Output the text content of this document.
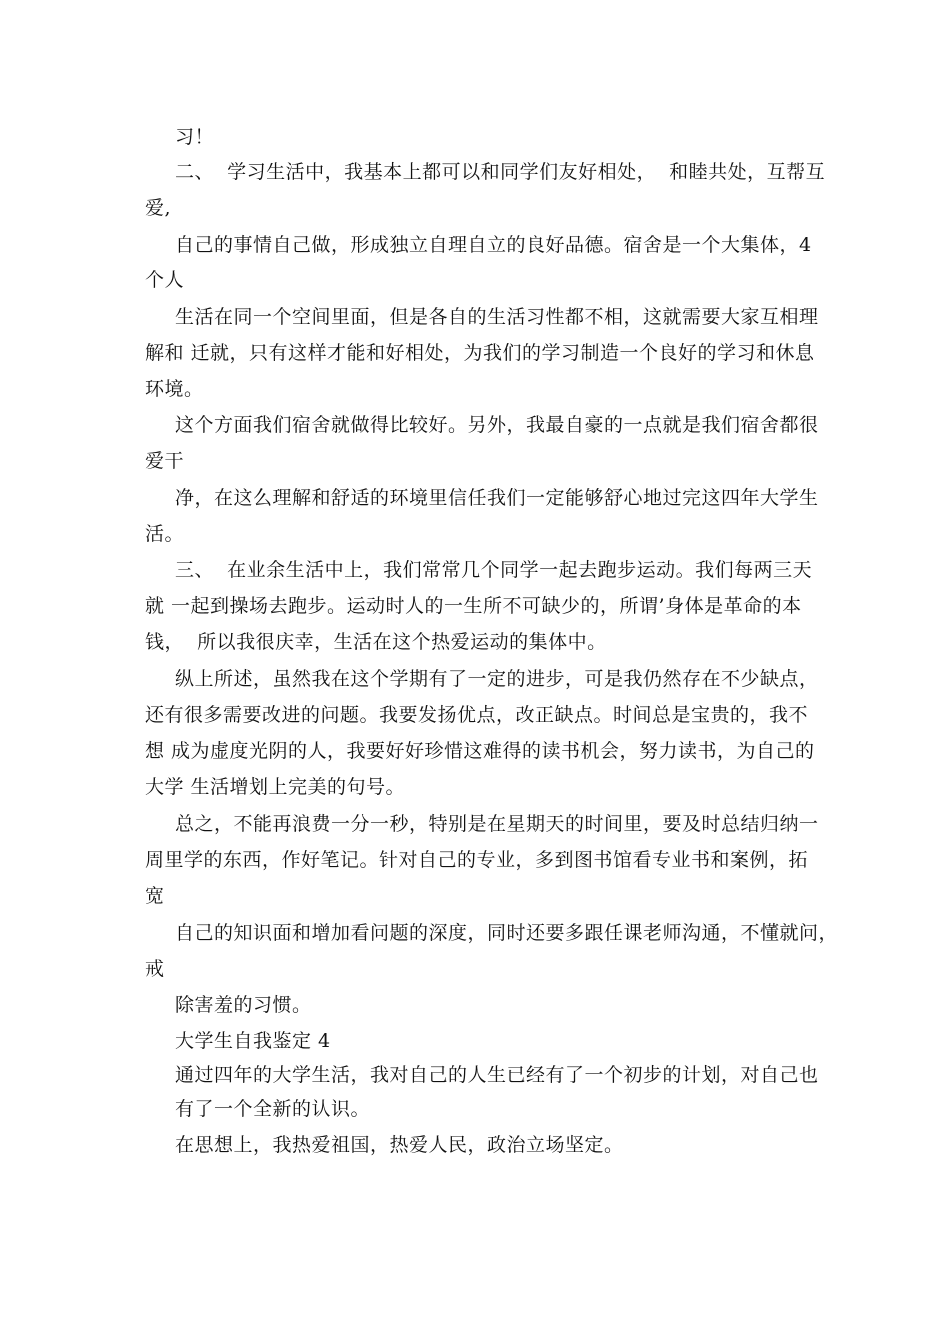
习！
二、  学习生活中，我基本上都可以和同学们友好相处，  和睦共处，互帮互
爱,
自己的事情自己做，形成独立自理自立的良好品德。宿舍是一个大集体，4
个人
生活在同一个空间里面，但是各自的生活习性都不相，这就需要大家互相理
解和 迁就，只有这样才能和好相处，为我们的学习制造一个良好的学习和休息
环境。
这个方面我们宿舍就做得比较好。另外，我最自豪的一点就是我们宿舍都很
爱干
净，在这么理解和舒适的环境里信任我们一定能够舒心地过完这四年大学生
活。
三、  在业余生活中上，我们常常几个同学一起去跑步运动。我们每两三天
就 一起到操场去跑步。运动时人的一生所不可缺少的，所谓’身体是革命的本
钱，  所以我很庆幸，生活在这个热爱运动的集体中。
纵上所述，虽然我在这个学期有了一定的进步，可是我仍然存在不少缺点，
还有很多需要改进的问题。我要发扬优点，改正缺点。时间总是宝贵的，我不
想 成为虚度光阴的人，我要好好珍惜这难得的读书机会，努力读书，为自己的
大学 生活增划上完美的句号。
总之，不能再浪费一分一秒，特别是在星期天的时间里，要及时总结归纳一
周里学的东西，作好笔记。针对自己的专业，多到图书馆看专业书和案例，拓
宽
自己的知识面和增加看问题的深度，同时还要多跟任课老师沟通，不懂就问，
戒
除害羞的习惯。
大学生自我鉴定 4
通过四年的大学生活，我对自己的人生已经有了一个初步的计划，对自己也
有了一个全新的认识。
在思想上，我热爱祖国，热爱人民，政治立场坚定。
